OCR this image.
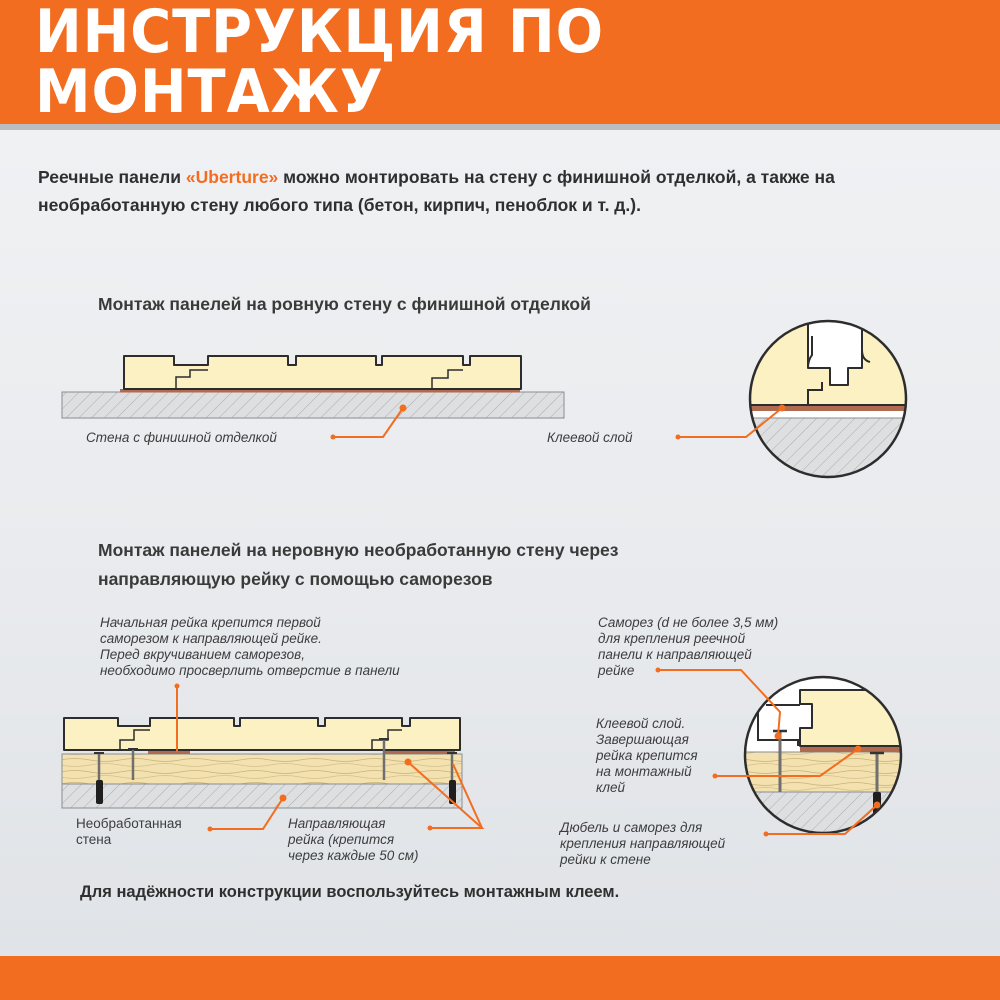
ИНСТРУКЦИЯ ПО МОНТАЖУ

Реечные панели «Uberture» можно монтировать на стену с финишной отделкой, а также на необработанную стену любого типа (бетон, кирпич, пеноблок и т. д.).

Монтаж панелей на ровную стену с финишной отделкой

Монтаж панелей на неровную необработанную стену через
направляющую рейку с помощью саморезов

Стена с финишной отделкой	Клеевой слой
Начальная рейка крепится первой
саморезом к направляющей рейке.
Перед вкручиванием саморезов,
необходимо просверлить отверстие в панели
Саморез (d не более 3,5 мм)
для крепления реечной
панели к направляющей
рейке
Клеевой слой.
Завершающая
рейка крепится
на монтажный
клей
Дюбель и саморез для
крепления направляющей
рейки к стене
Необработанная
стена
Направляющая
рейка (крепится
через каждые 50 см)

Для надёжности конструкции воспользуйтесь монтажным клеем.
